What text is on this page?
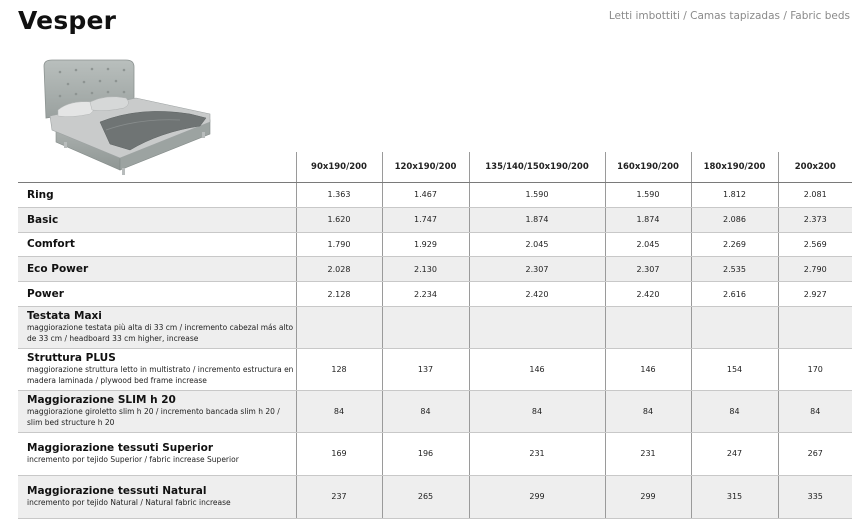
Vesper	Letti imbottiti / Camas tapizadas / Fabric beds
	90x190/200	120x190/200	135/140/150x190/200	160x190/200	180x190/200	200x200
Ring	1.363	1.467	1.590	1.590	1.812	2.081
Basic	1.620	1.747	1.874	1.874	2.086	2.373
Comfort	1.790	1.929	2.045	2.045	2.269	2.569
Eco Power	2.028	2.130	2.307	2.307	2.535	2.790
Power	2.128	2.234	2.420	2.420	2.616	2.927

Testata Maxi
maggiorazione testata più alta di 33 cm / incremento cabezal más alto de 33 cm / headboard 33 cm higher, increase						

Struttura PLUS
maggiorazione struttura letto in multistrato / incremento estructura en madera laminada / plywood bed frame increase	128	137	146	146	154	170

Maggiorazione SLIM h 20
maggiorazione giroletto slim h 20 / incremento bancada slim h 20 / slim bed structure h 20	84	84	84	84	84	84

Maggiorazione tessuti Superior
incremento por tejido Superior / fabric increase Superior	169	196	231	231	247	267

Maggiorazione tessuti Natural
incremento por tejido Natural / Natural fabric increase	237	265	299	299	315	335
